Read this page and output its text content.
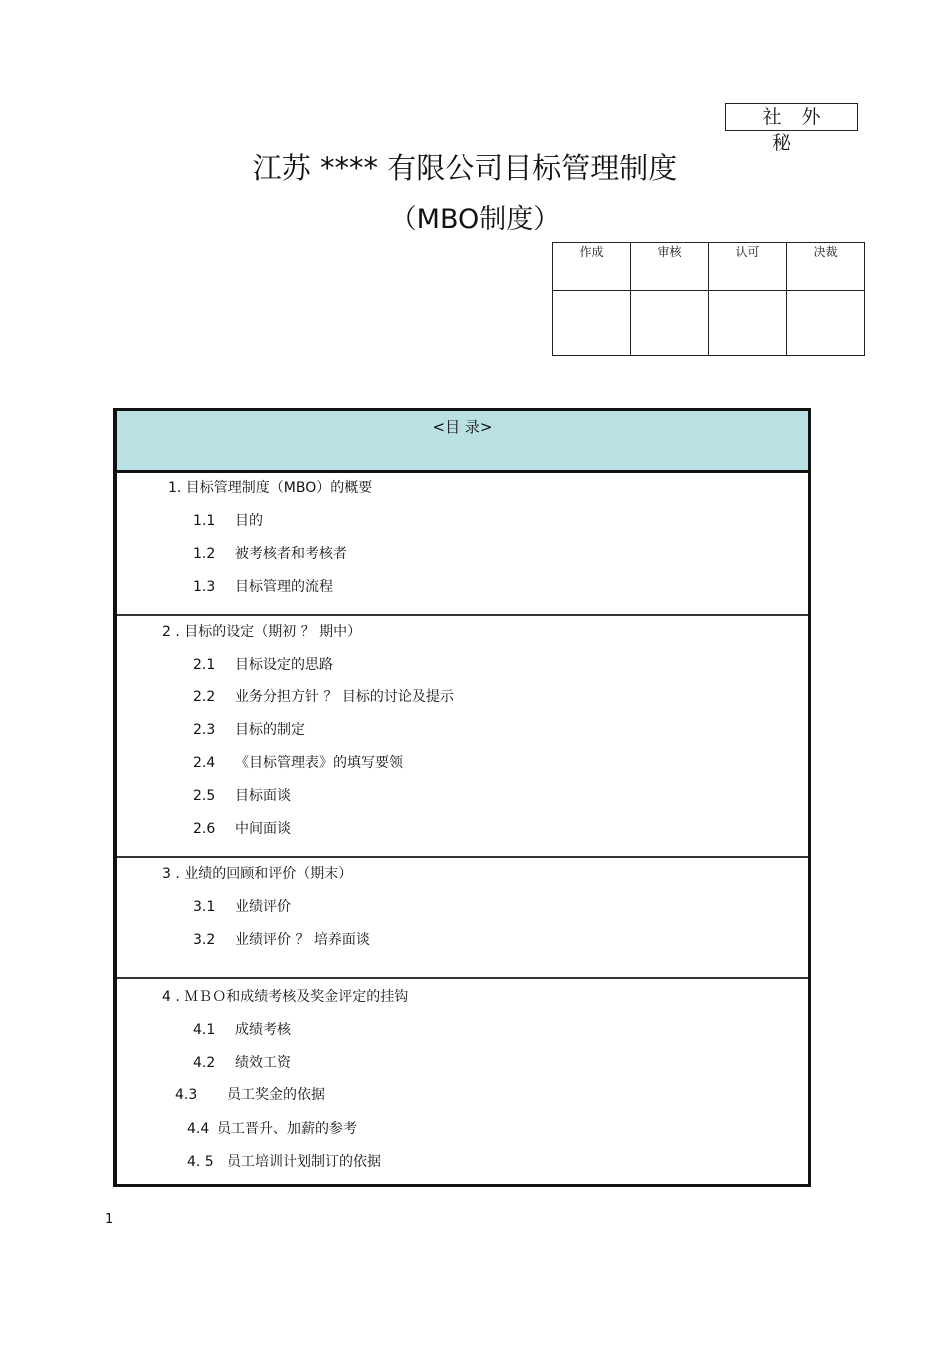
社外秘
江苏 **** 有限公司目标管理制度
（MBO制度）
作成	审核	认可	决裁

<目 录>
1. 目标管理制度（MBO）的概要
1.1 目的
1.2 被考核者和考核者
1.3 目标管理的流程
2 . 目标的设定（期初 ？ 期中）
2.1 目标设定的思路
2.2 业务分担方针 ？ 目标的讨论及提示
2.3 目标的制定
2.4 《目标管理表》的填写要领
2.5 目标面谈
2.6 中间面谈
3 . 业绩的回顾和评价（期末）
3.1 业绩评价
3.2 业绩评价 ？ 培养面谈
4 . ＭＢＯ和成绩考核及奖金评定的挂钩
4.1 成绩考核
4.2 绩效工资
4.3 员工奖金的依据
4.4 员工晋升、加薪的参考
4. 5 员工培训计划制订的依据
1
